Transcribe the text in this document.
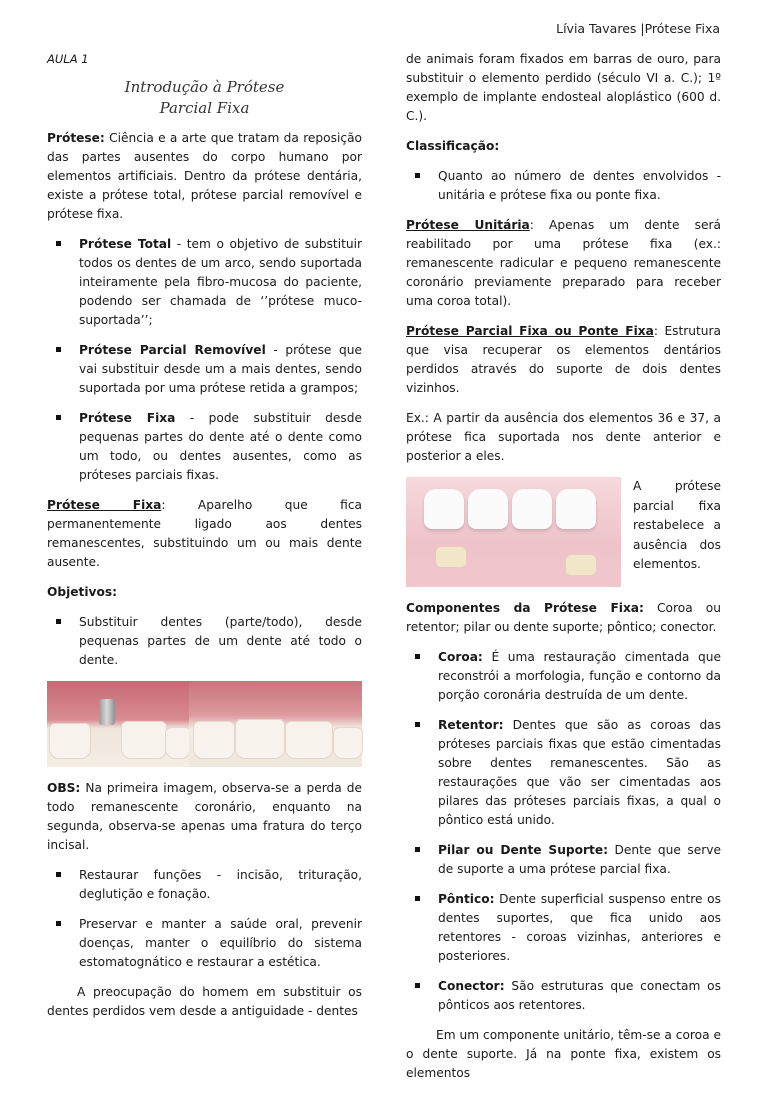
Lívia Tavares |Prótese Fixa
AULA 1
Introdução à Prótese
Parcial Fixa

Prótese: Ciência e a arte que tratam da reposição das partes ausentes do corpo humano por elementos artificiais. Dentro da prótese dentária, existe a prótese total, prótese parcial removível e prótese fixa.

Prótese Total - tem o objetivo de substituir todos os dentes de um arco, sendo suportada inteiramente pela fibro-mucosa do paciente, podendo ser chamada de ‘’prótese muco-suportada’’;
Prótese Parcial Removível - prótese que vai substituir desde um a mais dentes, sendo suportada por uma prótese retida a grampos;
Prótese Fixa - pode substituir desde pequenas partes do dente até o dente como um todo, ou dentes ausentes, como as próteses parciais fixas.

Prótese Fixa: Aparelho que fica permanentemente ligado aos dentes remanescentes, substituindo um ou mais dente ausente.

Objetivos:

Substituir dentes (parte/todo), desde pequenas partes de um dente até todo o dente.

OBS: Na primeira imagem, observa-se a perda de todo remanescente coronário, enquanto na segunda, observa-se apenas uma fratura do terço incisal.

Restaurar funções - incisão, trituração, deglutição e fonação.
Preservar e manter a saúde oral, prevenir doenças, manter o equilíbrio do sistema estomatognático e restaurar a estética.

A preocupação do homem em substituir os dentes perdidos vem desde a antiguidade - dentes

de animais foram fixados em barras de ouro, para substituir o elemento perdido (século VI a. C.); 1º exemplo de implante endosteal aloplástico (600 d. C.).

Classificação:

Quanto ao número de dentes envolvidos - unitária e prótese fixa ou ponte fixa.

Prótese Unitária: Apenas um dente será reabilitado por uma prótese fixa (ex.: remanescente radicular e pequeno remanescente coronário previamente preparado para receber uma coroa total).

Prótese Parcial Fixa ou Ponte Fixa: Estrutura que visa recuperar os elementos dentários perdidos através do suporte de dois dentes vizinhos.

Ex.: A partir da ausência dos elementos 36 e 37, a prótese fica suportada nos dente anterior e posterior a eles.

A prótese parcial fixa restabelece a ausência dos elementos.

Componentes da Prótese Fixa: Coroa ou retentor; pilar ou dente suporte; pôntico; conector.

Coroa: É uma restauração cimentada que reconstrói a morfologia, função e contorno da porção coronária destruída de um dente.
Retentor: Dentes que são as coroas das próteses parciais fixas que estão cimentadas sobre dentes remanescentes. São as restaurações que vão ser cimentadas aos pilares das próteses parciais fixas, a qual o pôntico está unido.
Pilar ou Dente Suporte: Dente que serve de suporte a uma prótese parcial fixa.
Pôntico: Dente superficial suspenso entre os dentes suportes, que fica unido aos retentores - coroas vizinhas, anteriores e posteriores.
Conector: São estruturas que conectam os pônticos aos retentores.

Em um componente unitário, têm-se a coroa e o dente suporte. Já na ponte fixa, existem os elementos
